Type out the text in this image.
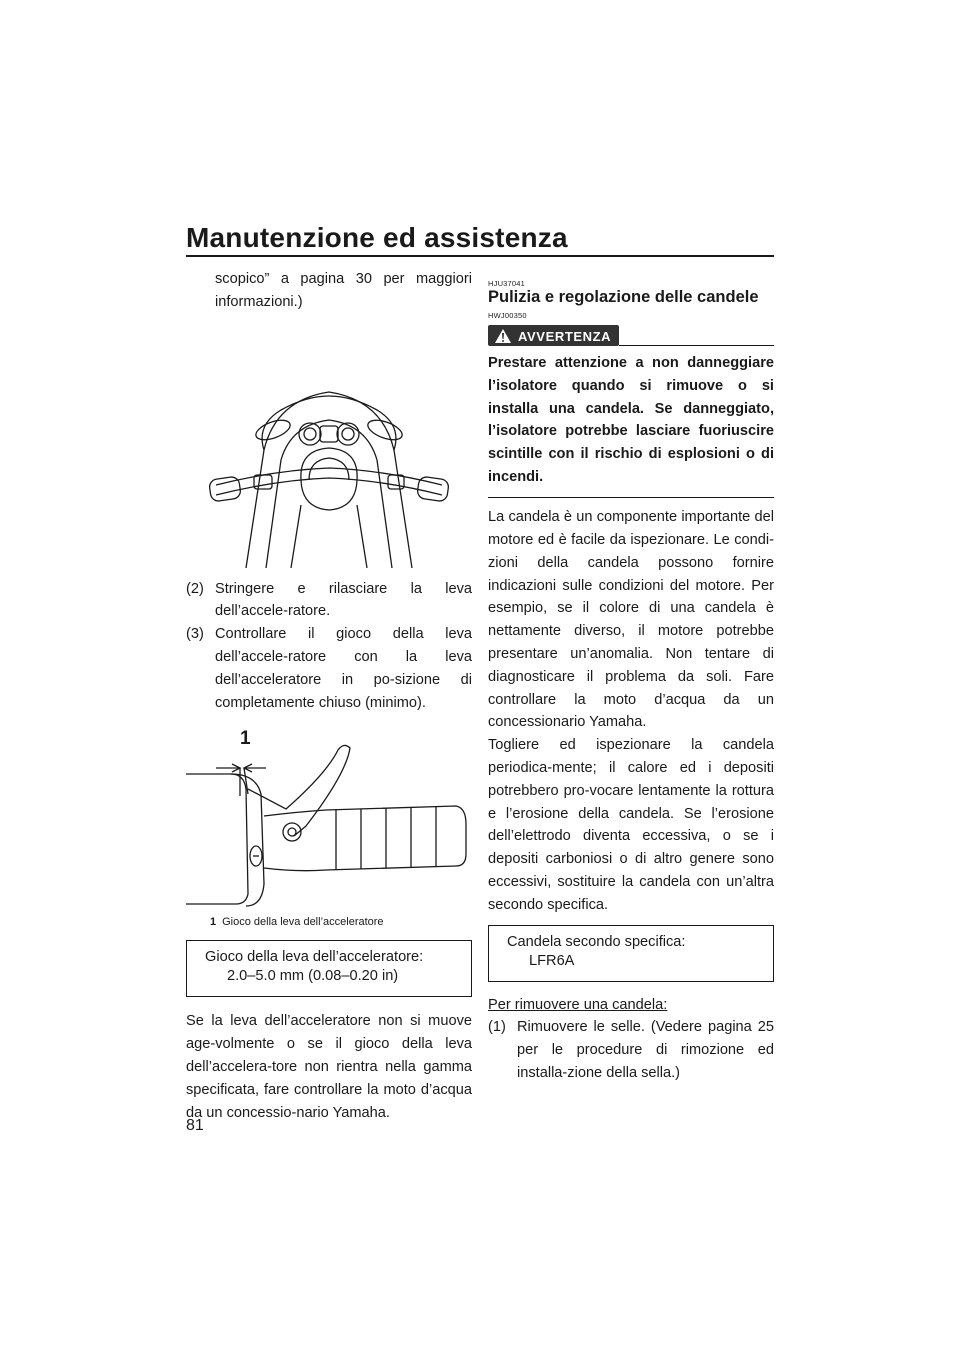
Manutenzione ed assistenza

scopico” a pagina 30 per maggiori informazioni.)

(2) Stringere e rilasciare la leva dell’accele-ratore.
(3) Controllare il gioco della leva dell’accele-ratore con la leva dell’acceleratore in po-sizione di completamente chiuso (minimo).
1
1 Gioco della leva dell’acceleratore
Gioco della leva dell’acceleratore:
2.0–5.0 mm (0.08–0.20 in)

Se la leva dell’acceleratore non si muove age-volmente o se il gioco della leva dell’accelera-tore non rientra nella gamma specificata, fare controllare la moto d’acqua da un concessio-nario Yamaha.

HJU37041
Pulizia e regolazione delle candele
HWJ00350
AVVERTENZA

Prestare attenzione a non danneggiare l’isolatore quando si rimuove o si installa una candela. Se danneggiato, l’isolatore potrebbe lasciare fuoriuscire scintille con il rischio di esplosioni o di incendi.

La candela è un componente importante del motore ed è facile da ispezionare. Le condi-zioni della candela possono fornire indicazioni sulle condizioni del motore. Per esempio, se il colore di una candela è nettamente diverso, il motore potrebbe presentare un’anomalia. Non tentare di diagnosticare il problema da soli. Fare controllare la moto d’acqua da un concessionario Yamaha.

Togliere ed ispezionare la candela periodica-mente; il calore ed i depositi potrebbero pro-vocare lentamente la rottura e l’erosione della candela. Se l’erosione dell’elettrodo diventa eccessiva, o se i depositi carboniosi o di altro genere sono eccessivi, sostituire la candela con un’altra secondo specifica.

Candela secondo specifica:
LFR6A

Per rimuovere una candela:

(1) Rimuovere le selle. (Vedere pagina 25 per le procedure di rimozione ed installa-zione della sella.)
81
